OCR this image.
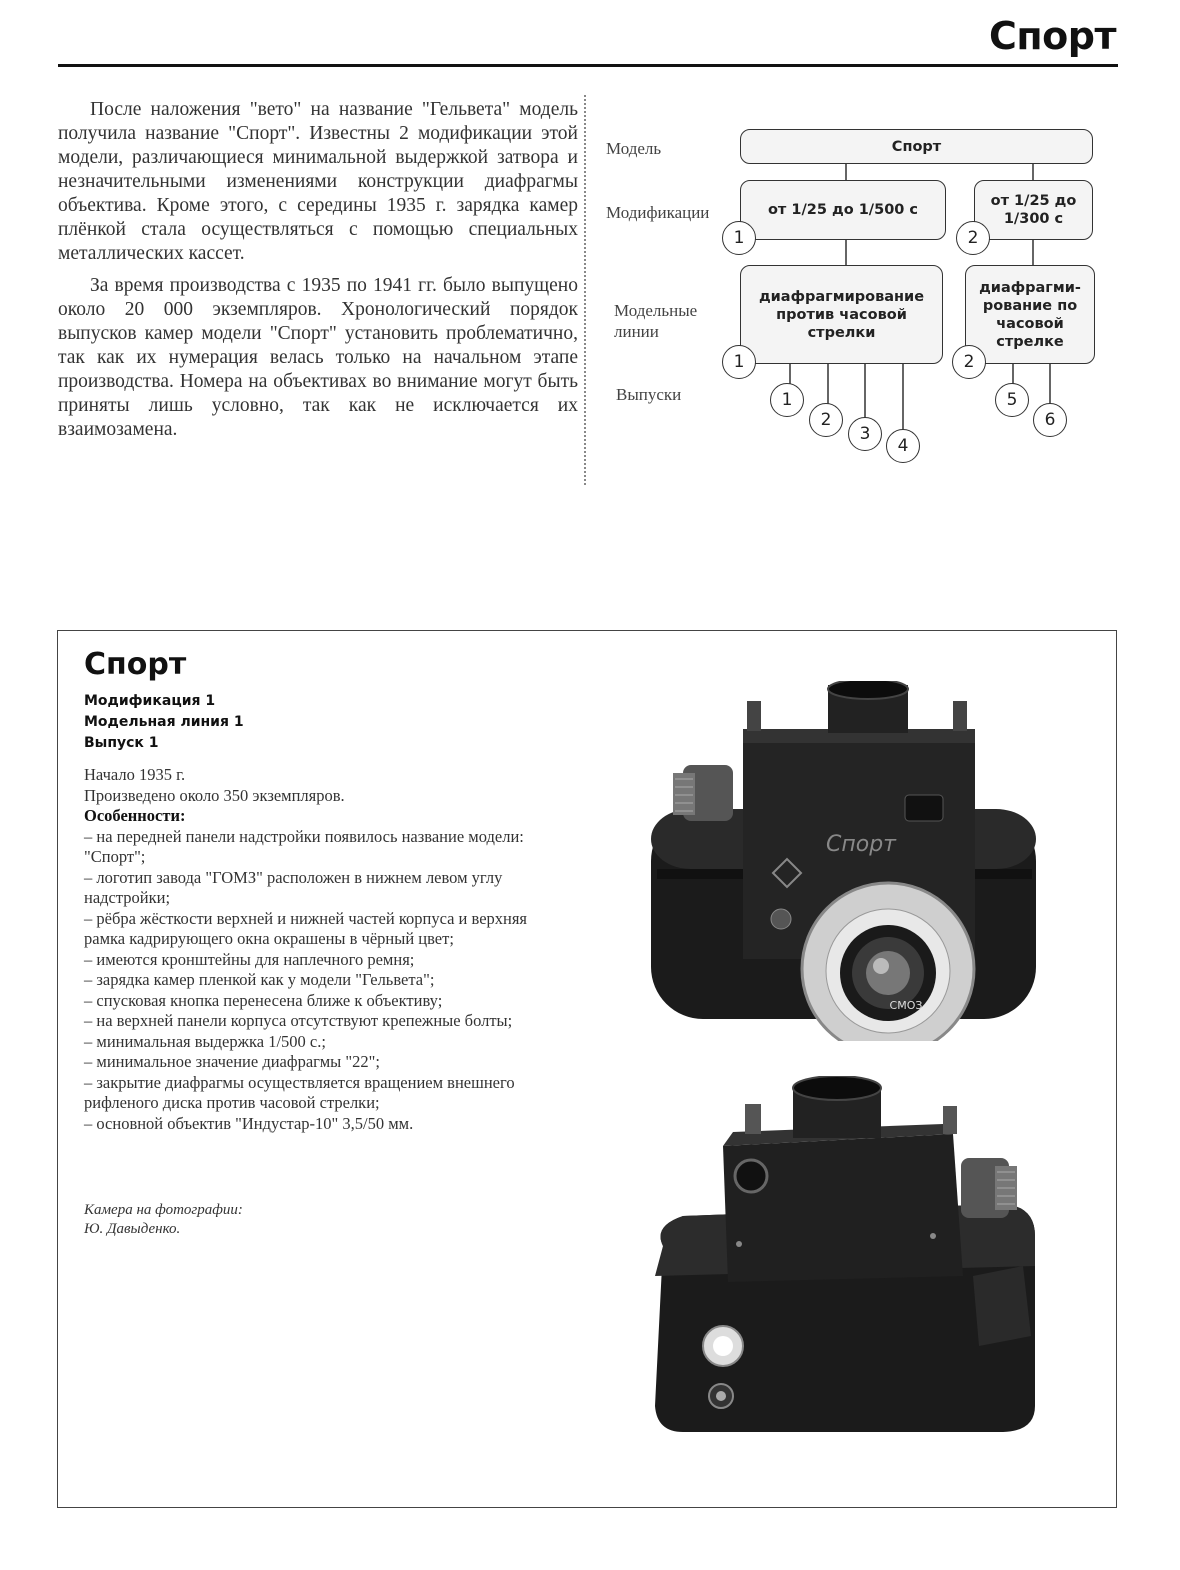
Спорт

После наложения "вето" на название "Гельвета" модель получила название "Спорт". Известны 2 модификации этой модели, различающиеся минимальной выдержкой затвора и незначительными изменениями конструкции диафрагмы объектива. Кроме этого, с середины 1935 г. зарядка камер плёнкой стала осуществляться с помощью специальных металлических кассет.

За время производства с 1935 по 1941 гг. было выпущено около 20 000 экземпляров. Хронологический порядок выпусков камер модели "Спорт" установить проблематично, так как их нумерация велась только на начальном этапе производства. Номера на объективах во внимание могут быть приняты лишь условно, так как не исключается их взаимозамена.

Модель
Модификации
Модельные линии
Выпуски
Спорт
от 1/25 до 1/500 с
от 1/25 до 1/300 с
диафрагмирование против часовой стрелки
диафрагми- рование по часовой стрелке
1	2
1	2
1
2
3
4
5
6
Спорт
Модификация 1
Модельная линия 1
Выпуск 1
Начало 1935 г.
Произведено около 350 экземпляров.
Особенности:
– на передней панели надстройки появилось название модели: "Спорт";
– логотип завода "ГОМЗ" расположен в нижнем левом углу надстройки;
– рёбра жёсткости верхней и нижней частей корпуса и верхняя рамка кадрирующего окна окрашены в чёрный цвет;
– имеются кронштейны для наплечного ремня;
– зарядка камер пленкой как у модели "Гельвета";
– спусковая кнопка перенесена ближе к объективу;
– на верхней панели корпуса отсутствуют крепежные болты;
– минимальная выдержка 1/500 с.;
– минимальное значение диафрагмы "22";
– закрытие диафрагмы осуществляется вращением внешнего рифленого диска против часовой стрелки;
– основной объектив "Индустар-10" 3,5/50 мм.
Камера на фотографии:
Ю. Давыденко.
Спорт
СМОЗ
